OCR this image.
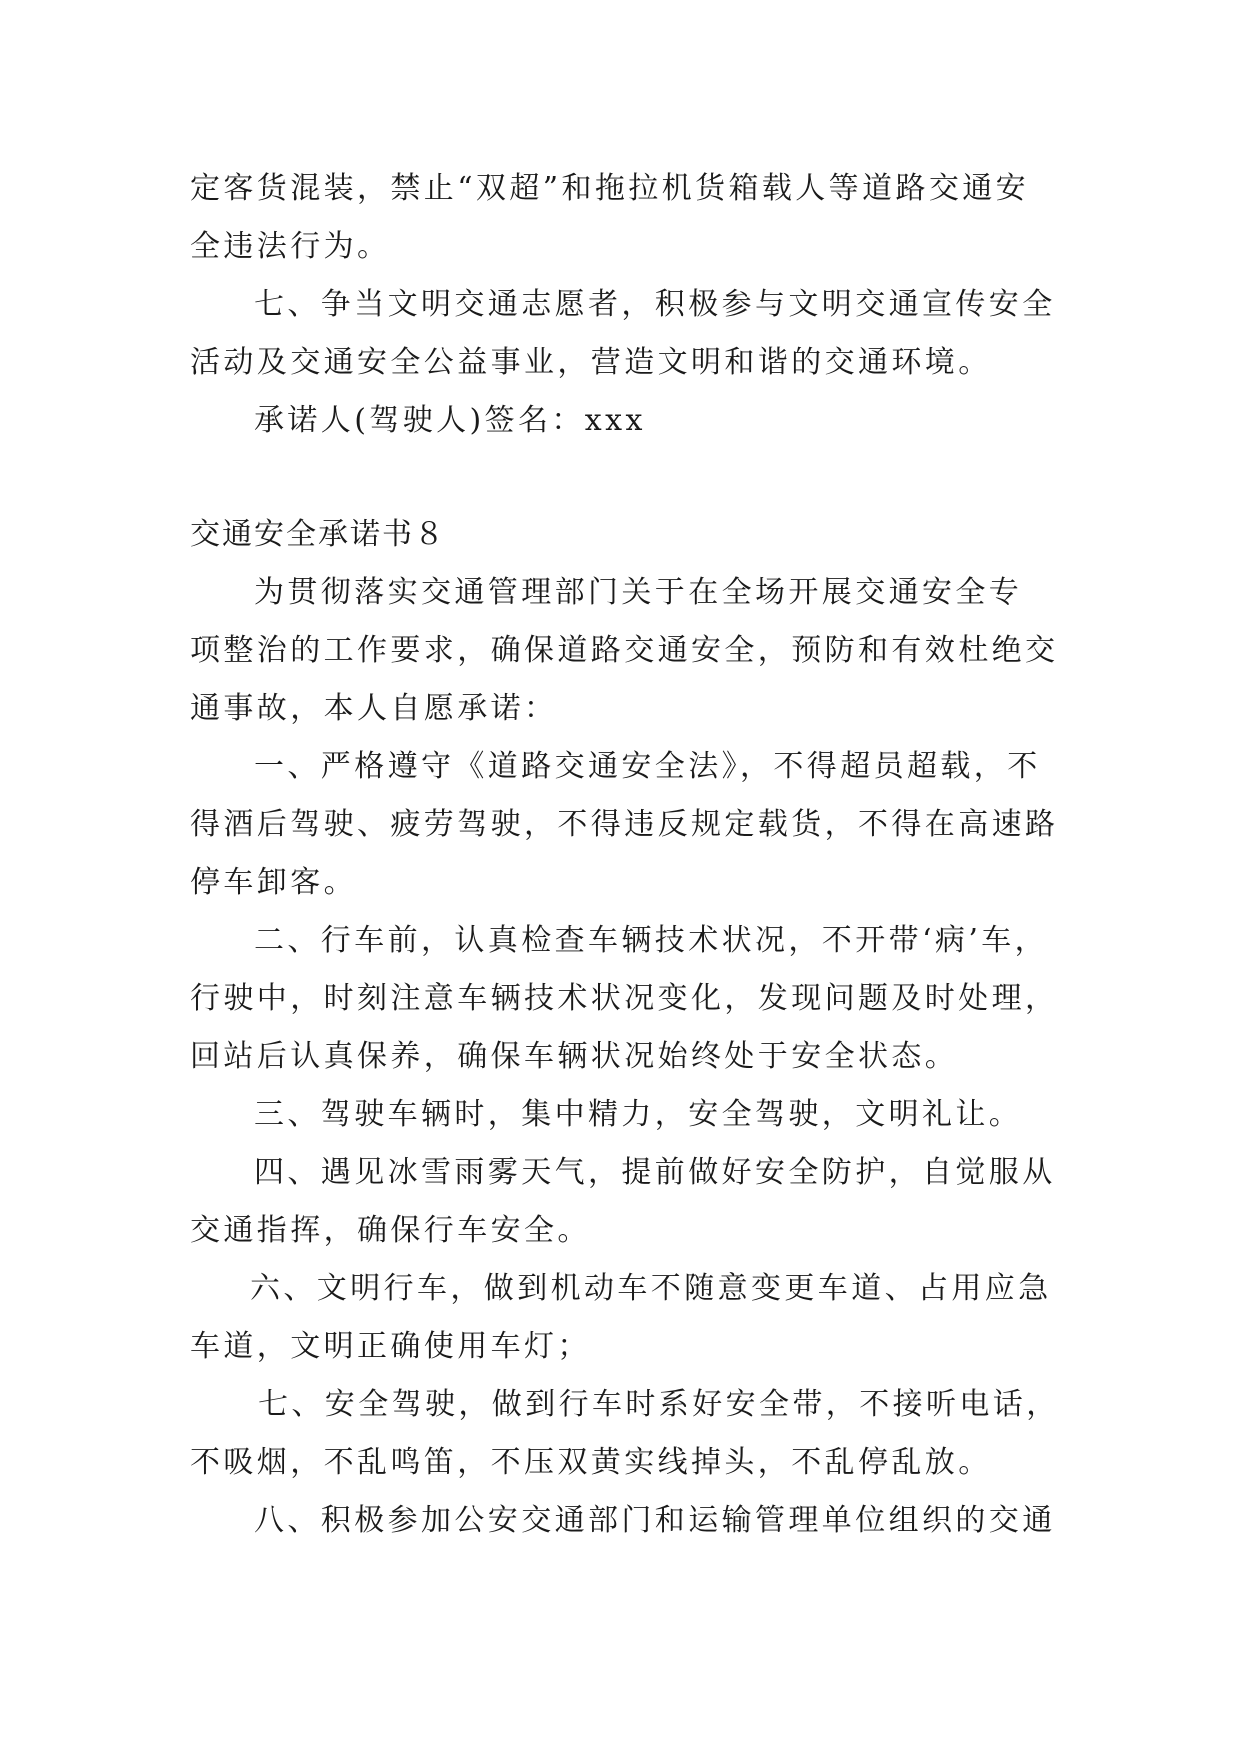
定客货混装，禁止“双超”和拖拉机货箱载人等道路交通安
全违法行为。
七、争当文明交通志愿者，积极参与文明交通宣传安全
活动及交通安全公益事业，营造文明和谐的交通环境。
承诺人(驾驶人)签名：xxx
交通安全承诺书８
为贯彻落实交通管理部门关于在全场开展交通安全专
项整治的工作要求，确保道路交通安全，预防和有效杜绝交
通事故，本人自愿承诺：
一、严格遵守《道路交通安全法》，不得超员超载，不
得酒后驾驶、疲劳驾驶，不得违反规定载货，不得在高速路
停车卸客。
二、行车前，认真检查车辆技术状况，不开带‘病’车，
行驶中，时刻注意车辆技术状况变化，发现问题及时处理，
回站后认真保养，确保车辆状况始终处于安全状态。
三、驾驶车辆时，集中精力，安全驾驶，文明礼让。
四、遇见冰雪雨雾天气，提前做好安全防护，自觉服从
交通指挥，确保行车安全。
六、文明行车，做到机动车不随意变更车道、占用应急
车道，文明正确使用车灯；
七、安全驾驶，做到行车时系好安全带，不接听电话，
不吸烟，不乱鸣笛，不压双黄实线掉头，不乱停乱放。
八、积极参加公安交通部门和运输管理单位组织的交通
